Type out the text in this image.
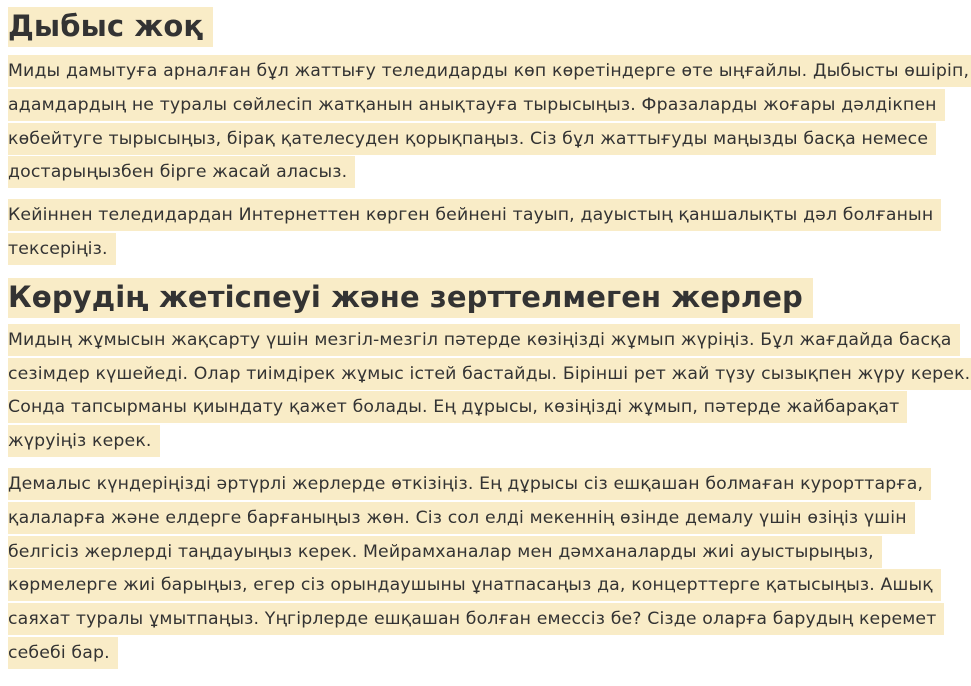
Дыбыс жоқ

Миды дамытуға арналған бұл жаттығу теледидарды көп көретіндерге өте ыңғайлы. Дыбысты өшіріп, адамдардың не туралы сөйлесіп жатқанын анықтауға тырысыңыз. Фразаларды жоғары дәлдікпен көбейтуге тырысыңыз, бірақ қателесуден қорықпаңыз. Сіз бұл жаттығуды маңызды басқа немесе достарыңызбен бірге жасай аласыз.

Кейіннен теледидардан Интернеттен көрген бейнені тауып, дауыстың қаншалықты дәл болғанын тексеріңіз.

Көрудің жетіспеуі және зерттелмеген жерлер

Мидың жұмысын жақсарту үшін мезгіл-мезгіл пәтерде көзіңізді жұмып жүріңіз. Бұл жағдайда басқа сезімдер күшейеді. Олар тиімдірек жұмыс істей бастайды. Бірінші рет жай түзу сызықпен жүру керек. Сонда тапсырманы қиындату қажет болады. Ең дұрысы, көзіңізді жұмып, пәтерде жайбарақат жүруіңіз керек.

Демалыс күндеріңізді әртүрлі жерлерде өткізіңіз. Ең дұрысы сіз ешқашан болмаған курорттарға, қалаларға және елдерге барғаныңыз жөн. Сіз сол елді мекеннің өзінде демалу үшін өзіңіз үшін белгісіз жерлерді таңдауыңыз керек. Мейрамханалар мен дәмханаларды жиі ауыстырыңыз, көрмелерге жиі барыңыз, егер сіз орындаушыны ұнатпасаңыз да, концерттерге қатысыңыз. Ашық саяхат туралы ұмытпаңыз. Үңгірлерде ешқашан болған емессіз бе? Сізде оларға барудың керемет себебі бар.
